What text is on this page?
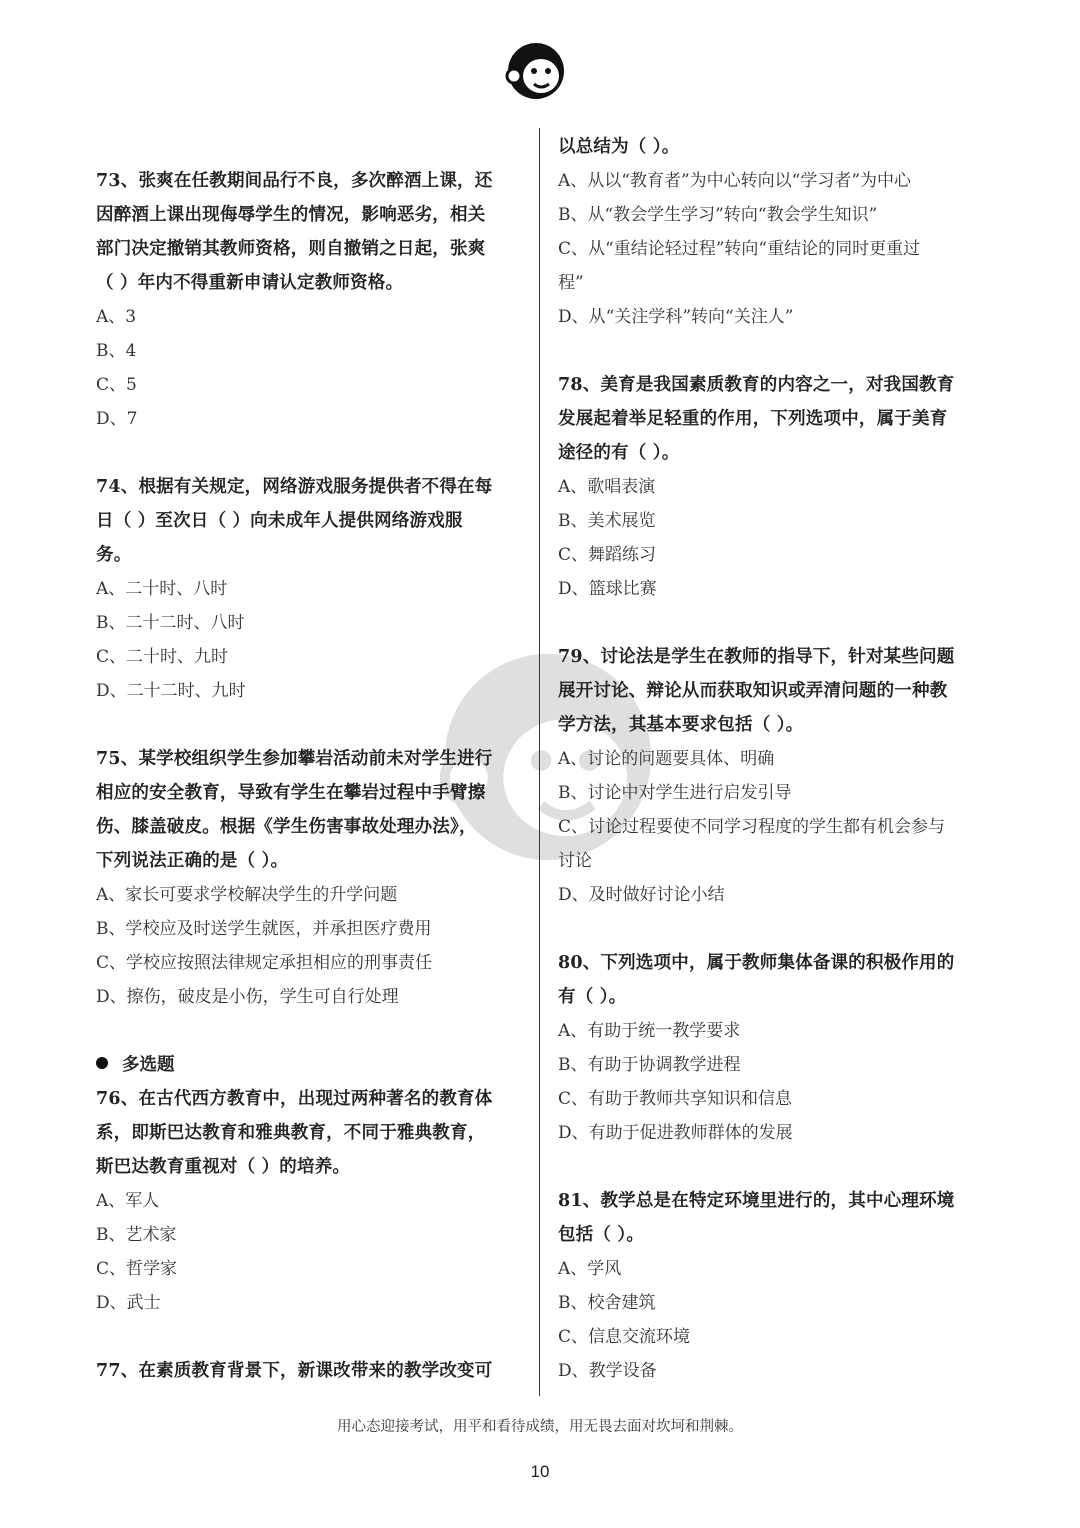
73、张爽在任教期间品行不良，多次醉酒上课，还

因醉酒上课出现侮辱学生的情况，影响恶劣，相关

部门决定撤销其教师资格，则自撤销之日起，张爽

（ ）年内不得重新申请认定教师资格。

A、3

B、4

C、5

D、7

74、根据有关规定，网络游戏服务提供者不得在每

日（ ）至次日（ ）向未成年人提供网络游戏服

务。

A、二十时、八时

B、二十二时、八时

C、二十时、九时

D、二十二时、九时

75、某学校组织学生参加攀岩活动前未对学生进行

相应的安全教育，导致有学生在攀岩过程中手臂擦

伤、膝盖破皮。根据《学生伤害事故处理办法》，

下列说法正确的是（ ）。

A、家长可要求学校解决学生的升学问题

B、学校应及时送学生就医，并承担医疗费用

C、学校应按照法律规定承担相应的刑事责任

D、擦伤，破皮是小伤，学生可自行处理

多选题

76、在古代西方教育中，出现过两种著名的教育体

系，即斯巴达教育和雅典教育，不同于雅典教育，

斯巴达教育重视对（ ）的培养。

A、军人

B、艺术家

C、哲学家

D、武士

77、在素质教育背景下，新课改带来的教学改变可

以总结为（ ）。

A、从以“教育者”为中心转向以“学习者”为中心

B、从“教会学生学习”转向“教会学生知识”

C、从“重结论轻过程”转向“重结论的同时更重过

程”

D、从“关注学科”转向“关注人”

78、美育是我国素质教育的内容之一，对我国教育

发展起着举足轻重的作用，下列选项中，属于美育

途径的有（ ）。

A、歌唱表演

B、美术展览

C、舞蹈练习

D、篮球比赛

79、讨论法是学生在教师的指导下，针对某些问题

展开讨论、辩论从而获取知识或弄清问题的一种教

学方法，其基本要求包括（ ）。

A、讨论的问题要具体、明确

B、讨论中对学生进行启发引导

C、讨论过程要使不同学习程度的学生都有机会参与

讨论

D、及时做好讨论小结

80、下列选项中，属于教师集体备课的积极作用的

有（ ）。

A、有助于统一教学要求

B、有助于协调教学进程

C、有助于教师共享知识和信息

D、有助于促进教师群体的发展

81、教学总是在特定环境里进行的，其中心理环境

包括（ ）。

A、学风

B、校舍建筑

C、信息交流环境

D、教学设备

用心态迎接考试，用平和看待成绩，用无畏去面对坎坷和荆棘。
10
